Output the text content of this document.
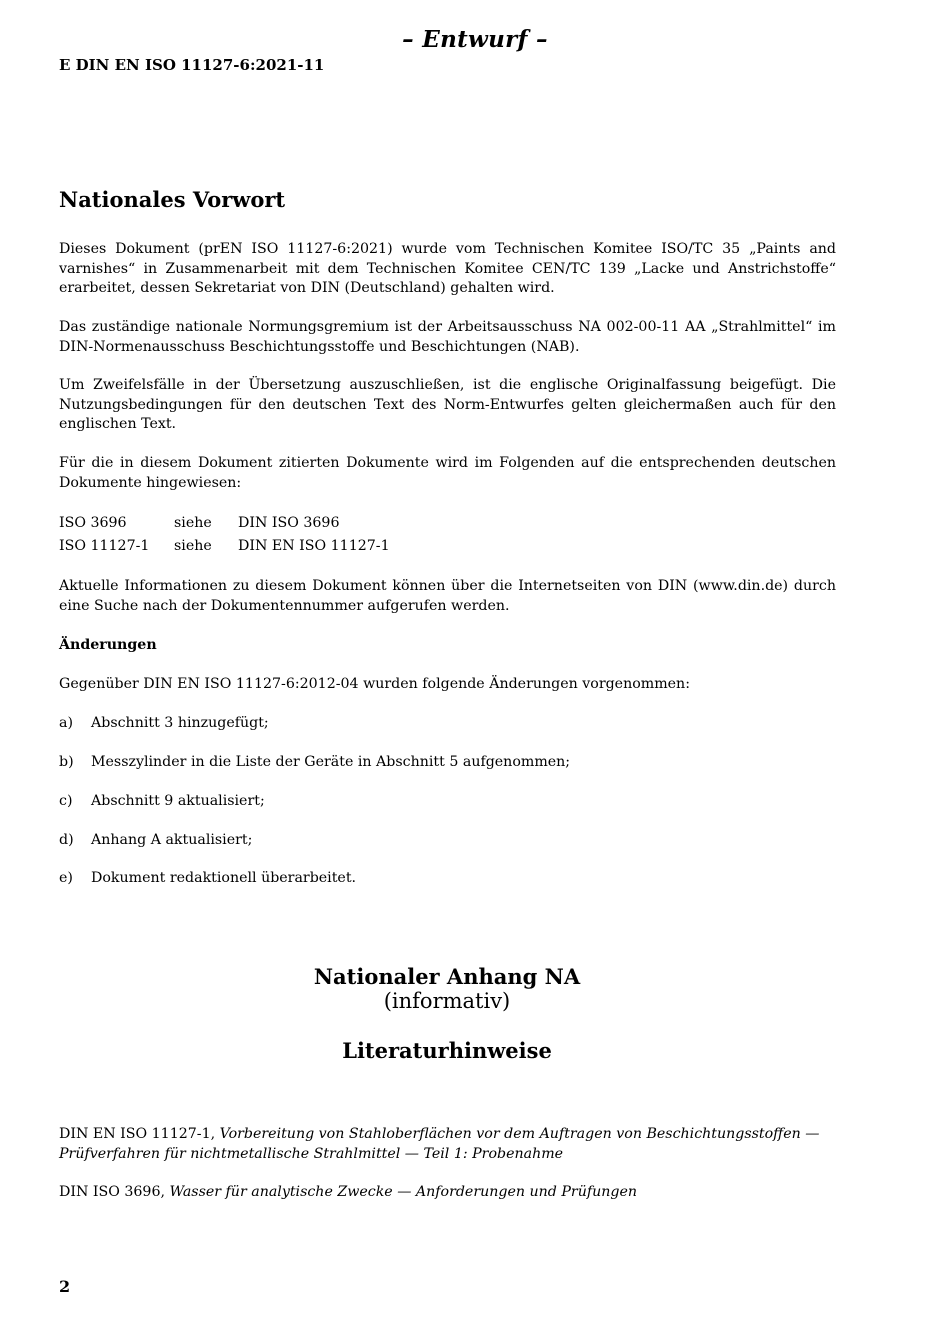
– Entwurf –
E DIN EN ISO 11127-6:2021-11
Nationales Vorwort

Dieses Dokument (prEN ISO 11127-6:2021) wurde vom Technischen Komitee ISO/TC 35 „Paints and varnishes“ in Zusammenarbeit mit dem Technischen Komitee CEN/TC 139 „Lacke und Anstrichstoffe“ erarbeitet, dessen Sekretariat von DIN (Deutschland) gehalten wird.

Das zuständige nationale Normungsgremium ist der Arbeitsausschuss NA 002-00-11 AA „Strahlmittel“ im DIN-Normenausschuss Beschichtungsstoffe und Beschichtungen (NAB).

Um Zweifelsfälle in der Übersetzung auszuschließen, ist die englische Originalfassung beigefügt. Die Nutzungsbedingungen für den deutschen Text des Norm-Entwurfes gelten gleichermaßen auch für den englischen Text.

Für die in diesem Dokument zitierten Dokumente wird im Folgenden auf die entsprechenden deutschen Dokumente hingewiesen:

ISO 3696	siehe	DIN ISO 3696
ISO 11127-1	siehe	DIN EN ISO 11127-1

Aktuelle Informationen zu diesem Dokument können über die Internetseiten von DIN (www.din.de) durch eine Suche nach der Dokumentennummer aufgerufen werden.

Änderungen
Gegenüber DIN EN ISO 11127-6:2012-04 wurden folgende Änderungen vorgenommen:
a)	Abschnitt 3 hinzugefügt;
b)	Messzylinder in die Liste der Geräte in Abschnitt 5 aufgenommen;
c)	Abschnitt 9 aktualisiert;
d)	Anhang A aktualisiert;
e)	Dokument redaktionell überarbeitet.
Nationaler Anhang NA
(informativ)
Literaturhinweise

DIN EN ISO 11127-1, Vorbereitung von Stahloberflächen vor dem Auftragen von Beschichtungsstoffen — Prüfverfahren für nichtmetallische Strahlmittel — Teil 1: Probenahme

DIN ISO 3696, Wasser für analytische Zwecke — Anforderungen und Prüfungen

2
